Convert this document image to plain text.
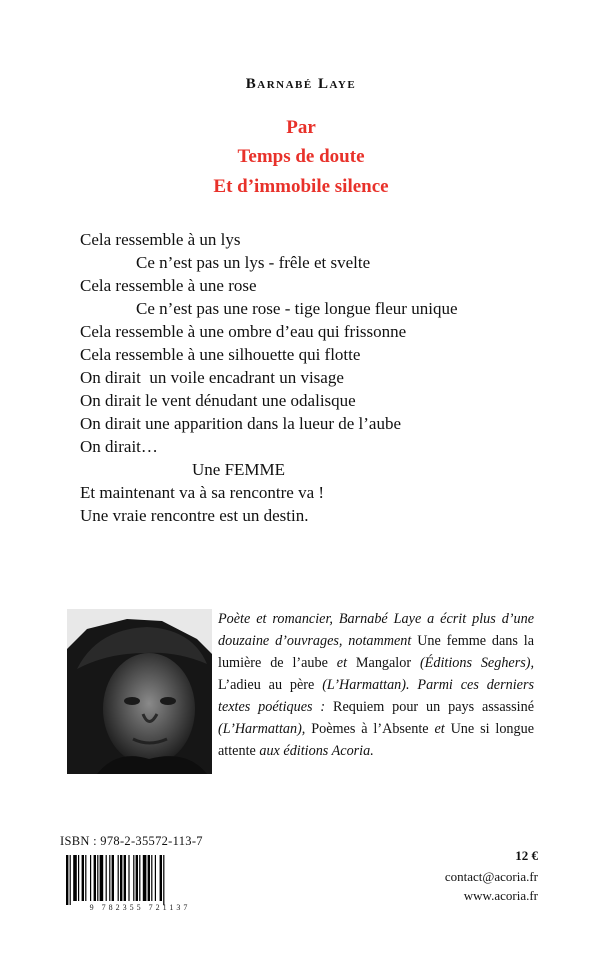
Barnabé Laye
Par
Temps de doute
Et d’immobile silence
Cela ressemble à un lys
Ce n’est pas un lys - frêle et svelte
Cela ressemble à une rose
Ce n’est pas une rose - tige longue fleur unique
Cela ressemble à une ombre d’eau qui frissonne
Cela ressemble à une silhouette qui flotte
On dirait  un voile encadrant un visage
On dirait le vent dénudant une odalisque
On dirait une apparition dans la lueur de l’aube
On dirait…
Une FEMME
Et maintenant va à sa rencontre va !
Une vraie rencontre est un destin.
Poète et romancier, Barnabé Laye a écrit plus d’une douzaine d’ouvrages, notamment Une femme dans la lumière de l’aube et Mangalor (Éditions Seghers), L’adieu au père (L’Harmattan). Parmi ces derniers textes poétiques : Requiem pour un pays assassiné (L’Harmattan), Poèmes à l’Absente et Une si longue attente aux éditions Acoria.
ISBN : 978-2-35572-113-7
9 782355 721137
12 €
contact@acoria.fr
www.acoria.fr
